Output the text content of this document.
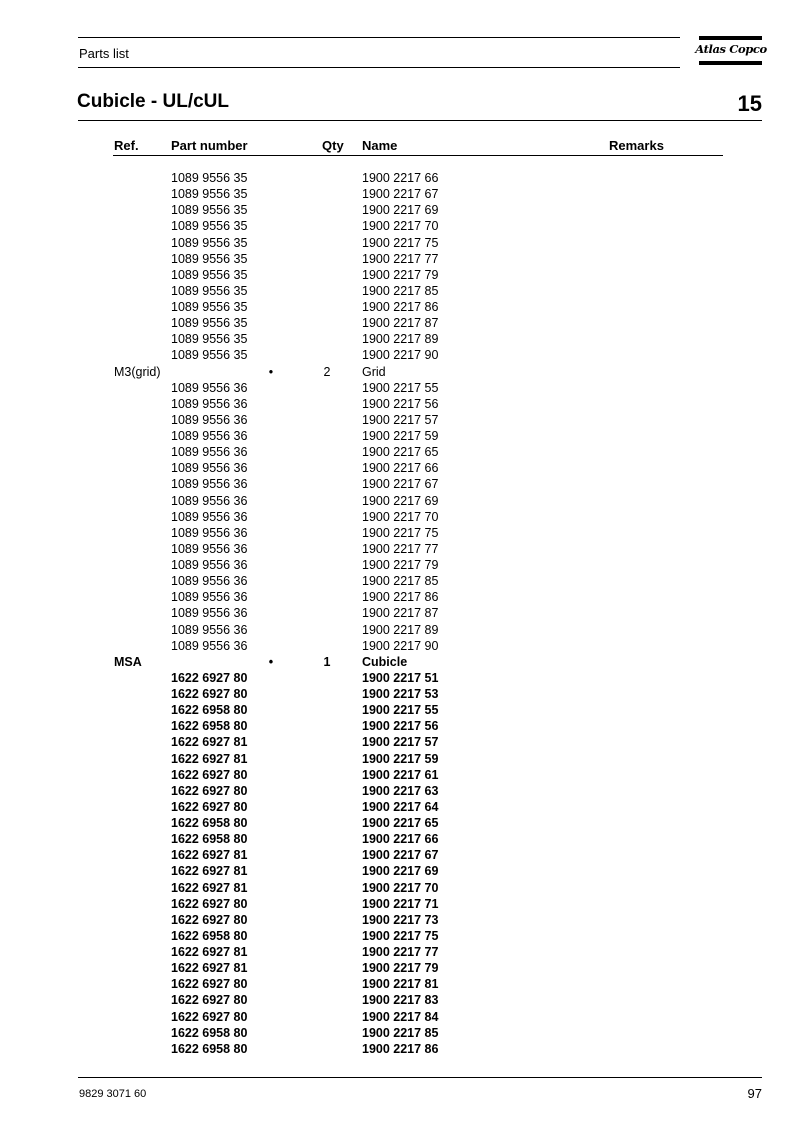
Parts list	Atlas Copco
Cubicle - UL/cUL	15
Ref. Part number	Qty Name	Remarks
1089 9556 35	1900 2217 66
1089 9556 35	1900 2217 67
1089 9556 35	1900 2217 69
1089 9556 35	1900 2217 70
1089 9556 35	1900 2217 75
1089 9556 35	1900 2217 77
1089 9556 35	1900 2217 79
1089 9556 35	1900 2217 85
1089 9556 35	1900 2217 86
1089 9556 35	1900 2217 87
1089 9556 35	1900 2217 89
1089 9556 35	1900 2217 90
M3(grid)	•	2	Grid
1089 9556 36	1900 2217 55
1089 9556 36	1900 2217 56
1089 9556 36	1900 2217 57
1089 9556 36	1900 2217 59
1089 9556 36	1900 2217 65
1089 9556 36	1900 2217 66
1089 9556 36	1900 2217 67
1089 9556 36	1900 2217 69
1089 9556 36	1900 2217 70
1089 9556 36	1900 2217 75
1089 9556 36	1900 2217 77
1089 9556 36	1900 2217 79
1089 9556 36	1900 2217 85
1089 9556 36	1900 2217 86
1089 9556 36	1900 2217 87
1089 9556 36	1900 2217 89
1089 9556 36	1900 2217 90
MSA	•	1	Cubicle
1622 6927 80	1900 2217 51
1622 6927 80	1900 2217 53
1622 6958 80	1900 2217 55
1622 6958 80	1900 2217 56
1622 6927 81	1900 2217 57
1622 6927 81	1900 2217 59
1622 6927 80	1900 2217 61
1622 6927 80	1900 2217 63
1622 6927 80	1900 2217 64
1622 6958 80	1900 2217 65
1622 6958 80	1900 2217 66
1622 6927 81	1900 2217 67
1622 6927 81	1900 2217 69
1622 6927 81	1900 2217 70
1622 6927 80	1900 2217 71
1622 6927 80	1900 2217 73
1622 6958 80	1900 2217 75
1622 6927 81	1900 2217 77
1622 6927 81	1900 2217 79
1622 6927 80	1900 2217 81
1622 6927 80	1900 2217 83
1622 6927 80	1900 2217 84
1622 6958 80	1900 2217 85
1622 6958 80	1900 2217 86
9829 3071 60	97
